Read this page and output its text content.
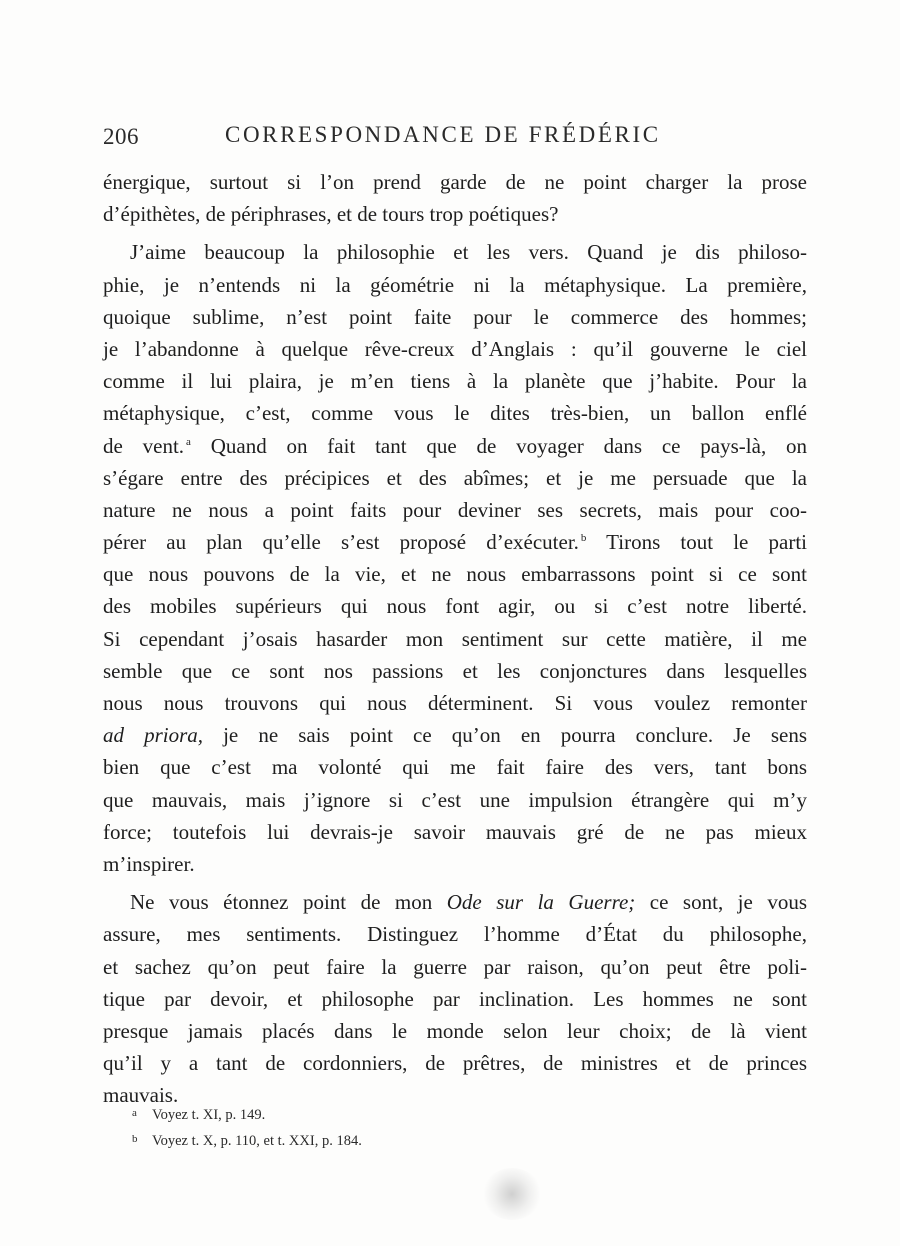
206	CORRESPONDANCE DE FRÉDÉRIC
énergique, surtout si l’on prend garde de ne point charger la prose
d’épithètes, de périphrases, et de tours trop poétiques?
J’aime beaucoup la philosophie et les vers. Quand je dis philoso-
phie, je n’entends ni la géométrie ni la métaphysique. La première,
quoique sublime, n’est point faite pour le commerce des hommes;
je l’abandonne à quelque rêve-creux d’Anglais : qu’il gouverne le ciel
comme il lui plaira, je m’en tiens à la planète que j’habite. Pour la
métaphysique, c’est, comme vous le dites très-bien, un ballon enflé
de vent. $^a$ Quand on fait tant que de voyager dans ce pays-là, on
s’égare entre des précipices et des abîmes; et je me persuade que la
nature ne nous a point faits pour deviner ses secrets, mais pour coo-
pérer au plan qu’elle s’est proposé d’exécuter. $^b$ Tirons tout le parti
que nous pouvons de la vie, et ne nous embarrassons point si ce sont
des mobiles supérieurs qui nous font agir, ou si c’est notre liberté.
Si cependant j’osais hasarder mon sentiment sur cette matière, il me
semble que ce sont nos passions et les conjonctures dans lesquelles
nous nous trouvons qui nous déterminent. Si vous voulez remonter
ad priora, je ne sais point ce qu’on en pourra conclure. Je sens
bien que c’est ma volonté qui me fait faire des vers, tant bons
que mauvais, mais j’ignore si c’est une impulsion étrangère qui m’y
force; toutefois lui devrais-je savoir mauvais gré de ne pas mieux
m’inspirer.
Ne vous étonnez point de mon Ode sur la Guerre; ce sont, je vous
assure, mes sentiments. Distinguez l’homme d’État du philosophe,
et sachez qu’on peut faire la guerre par raison, qu’on peut être poli-
tique par devoir, et philosophe par inclination. Les hommes ne sont
presque jamais placés dans le monde selon leur choix; de là vient
qu’il y a tant de cordonniers, de prêtres, de ministres et de princes
mauvais.
a Voyez t. XI, p. 149.
b Voyez t. X, p. 110, et t. XXI, p. 184.
